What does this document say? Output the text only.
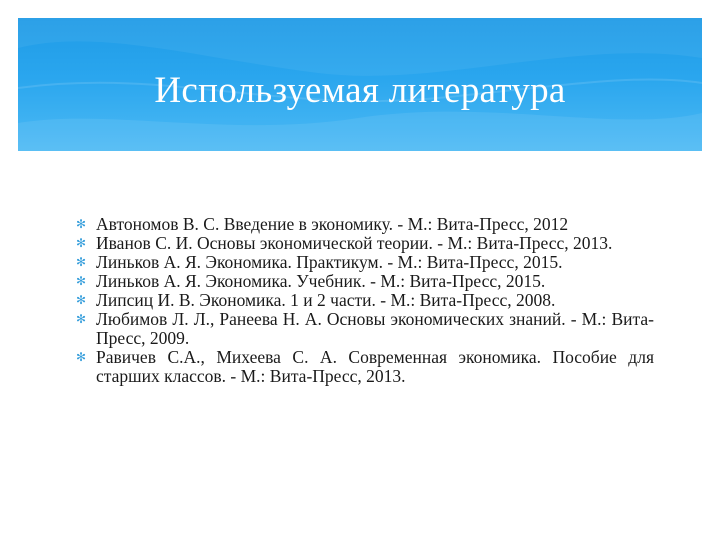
Используемая литература
✻ Автономов В. С. Введение в экономику. - М.: Вита-Пресс, 2012
✻ Иванов С. И. Основы экономической теории. - М.: Вита-Пресс, 2013.
✻ Линьков А. Я. Экономика. Практикум. - М.: Вита-Пресс, 2015.
✻ Линьков А. Я. Экономика. Учебник. - М.: Вита-Пресс, 2015.
✻ Липсиц И. В. Экономика. 1 и 2 части. - М.: Вита-Пресс, 2008.
✻ Любимов Л. Л., Ранеева Н. А. Основы экономических знаний. - М.: Вита-Пресс, 2009.
✻ Равичев С.А., Михеева С. А. Современная экономика. Пособие для старших классов. - М.: Вита-Пресс, 2013.
